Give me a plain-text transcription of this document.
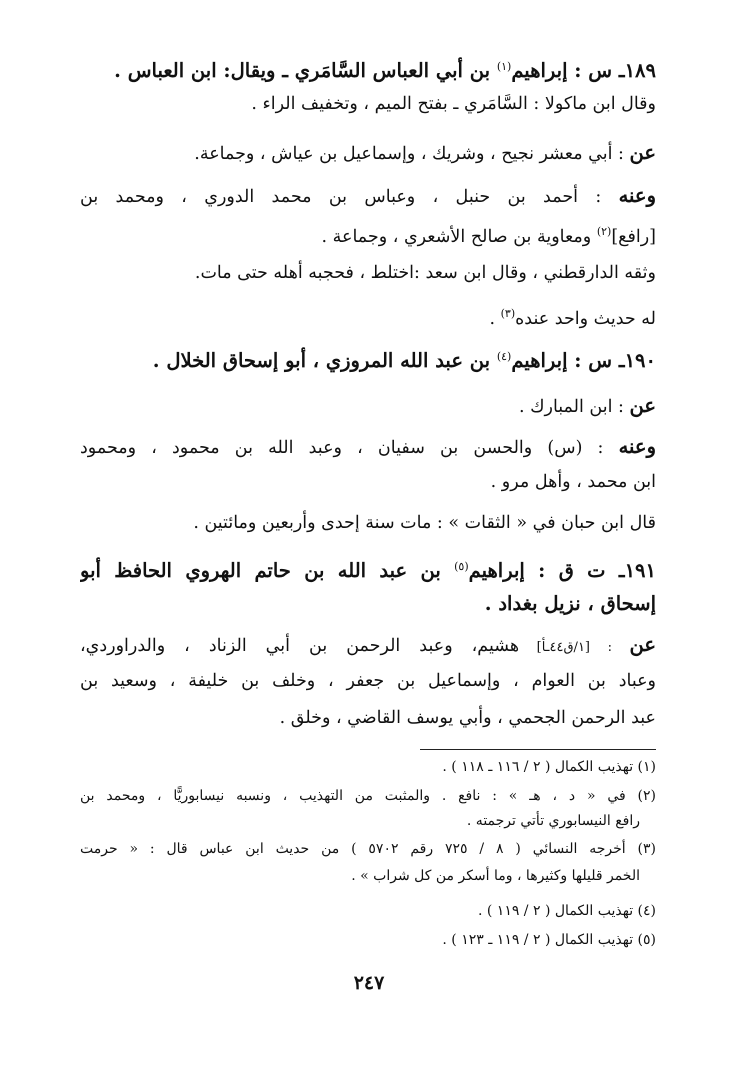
١٨٩ـ س : إبراهيم$^{(١)}$ بن أبي العباس السَّامَري ـ ويقال: ابن العباس .
وقال ابن ماكولا : السَّامَري ـ بفتح الميم ، وتخفيف الراء .
عن : أبي معشر نجيح ، وشريك ، وإسماعيل بن عياش ، وجماعة.
وعنه : أحمد بن حنبل ، وعباس بن محمد الدوري ، ومحمد بن
[رافع]$^{(٢)}$ ومعاوية بن صالح الأشعري ، وجماعة .
وثقه الدارقطني ، وقال ابن سعد :اختلط ، فحجبه أهله حتى مات.
له حديث واحد عنده$^{(٣)}$ .
١٩٠ـ س : إبراهيم$^{(٤)}$ بن عبد الله المروزي ، أبو إسحاق الخلال .
عن : ابن المبارك .
وعنه : (س) والحسن بن سفيان ، وعبد الله بن محمود ، ومحمود
ابن محمد ، وأهل مرو .
قال ابن حبان في « الثقات » : مات سنة إحدى وأربعين ومائتين .
١٩١ـ ت ق : إبراهيم$^{(٥)}$ بن عبد الله بن حاتم الهروي الحافظ أبو
إسحاق ، نزيل بغداد .
عن : [١/ق٤٤ـأ] هشيم، وعبد الرحمن بن أبي الزناد ، والدراوردي،
وعباد بن العوام ، وإسماعيل بن جعفر ، وخلف بن خليفة ، وسعيد بن
عبد الرحمن الجحمي ، وأبي يوسف القاضي ، وخلق .
(١) تهذيب الكمال ( ٢ / ١١٦ ـ ١١٨ ) .
(٢) في « د ، هـ » : نافع . والمثبت من التهذيب ، ونسبه نيسابوريًّا ، ومحمد بن
رافع النيسابوري تأتي ترجمته .
(٣) أخرجه النسائي ( ٨ / ٧٢٥ رقم ٥٧٠٢ ) من حديث ابن عباس قال : « حرمت
الخمر قليلها وكثيرها ، وما أسكر من كل شراب » .
(٤) تهذيب الكمال ( ٢ / ١١٩ ) .
(٥) تهذيب الكمال ( ٢ / ١١٩ ـ ١٢٣ ) .
٢٤٧
